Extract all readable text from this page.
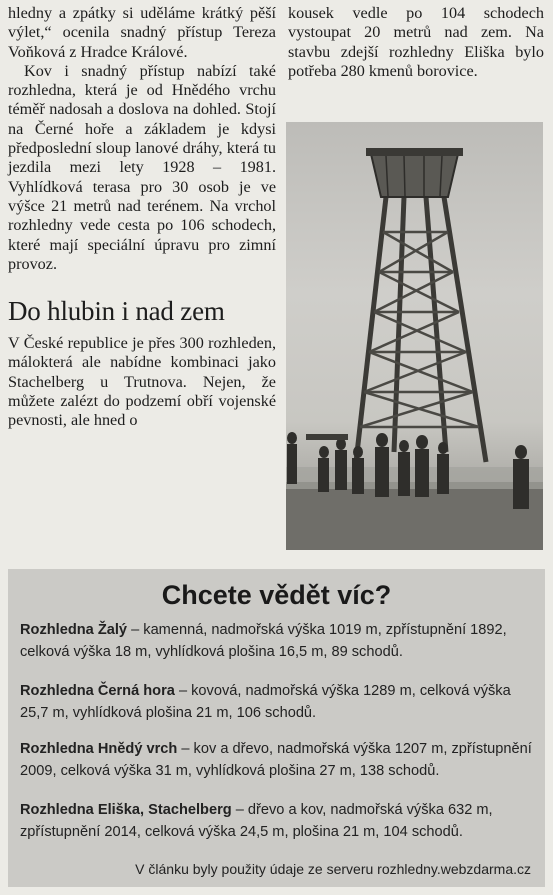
hledny a zpátky si uděláme krátký pěší výlet,“ ocenila snadný přístup Tereza Voňková z Hradce Králové.

Kov i snadný přístup nabízí také rozhledna, která je od Hnědého vrchu téměř nadosah a doslova na dohled. Stojí na Černé hoře a základem je kdysi předposlední sloup lanové dráhy, která tu jezdila mezi lety 1928 – 1981. Vyhlídková terasa pro 30 osob je ve výšce 21 metrů nad terénem. Na vrchol rozhledny vede cesta po 106 schodech, které mají speciální úpravu pro zimní provoz.

Do hlubin i nad zem

V České republice je přes 300 rozhleden, málokterá ale nabídne kombinaci jako Stachelberg u Trutnova. Nejen, že můžete zalézt do podzemí obří vojenské pevnosti, ale hned o

kousek vedle po 104 schodech vystoupat 20 metrů nad zem. Na stavbu zdejší rozhledny Eliška bylo potřeba 280 kmenů borovice.

Chcete vědět víc?
Rozhledna Žalý – kamenná, nadmořská výška 1019 m, zpřístupnění 1892, celková výška 18 m, vyhlídková plošina 16,5 m, 89 schodů.
Rozhledna Černá hora – kovová, nadmořská výška 1289 m, celková výška 25,7 m, vyhlídková plošina 21 m, 106 schodů.
Rozhledna Hnědý vrch – kov a dřevo, nadmořská výška 1207 m, zpřístupnění 2009, celková výška 31 m, vyhlídková plošina 27 m, 138 schodů.
Rozhledna Eliška, Stachelberg – dřevo a kov, nadmořská výška 632 m, zpřístupnění 2014, celková výška 24,5 m, plošina 21 m, 104 schodů.
V článku byly použity údaje ze serveru rozhledny.webzdarma.cz
